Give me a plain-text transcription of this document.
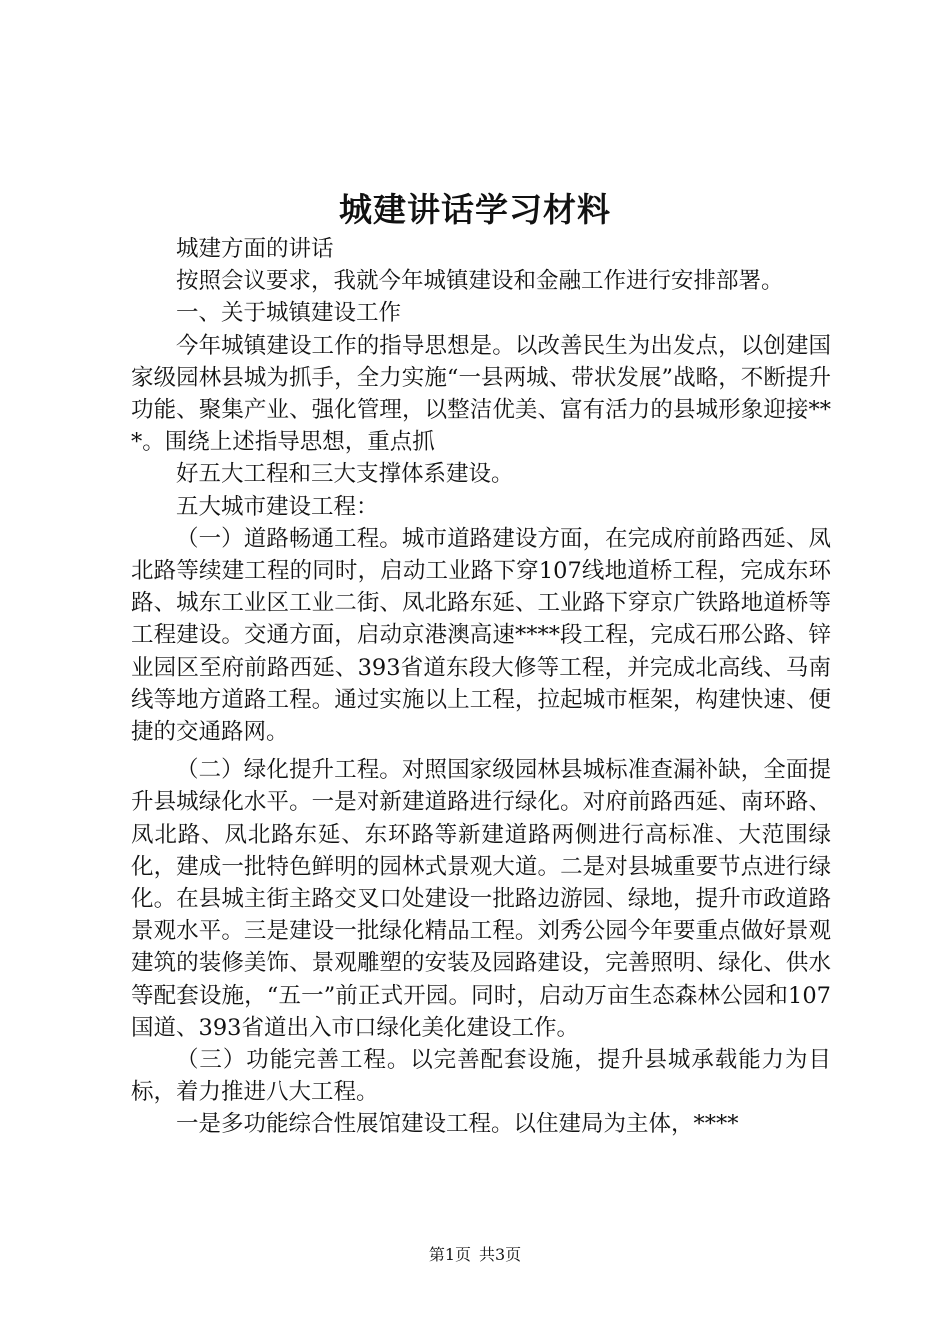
城建讲话学习材料

城建方面的讲话

按照会议要求，我就今年城镇建设和金融工作进行安排部署。

一、关于城镇建设工作

今年城镇建设工作的指导思想是。以改善民生为出发点，以创建国家级园林县城为抓手，全力实施“一县两城、带状发展”战略，不断提升功能、聚集产业、强化管理，以整洁优美、富有活力的县城形象迎接***。围绕上述指导思想，重点抓

好五大工程和三大支撑体系建设。

五大城市建设工程：

（一）道路畅通工程。城市道路建设方面，在完成府前路西延、凤北路等续建工程的同时，启动工业路下穿107线地道桥工程，完成东环路、城东工业区工业二街、凤北路东延、工业路下穿京广铁路地道桥等工程建设。交通方面，启动京港澳高速****段工程，完成石邢公路、锌业园区至府前路西延、393省道东段大修等工程，并完成北高线、马南线等地方道路工程。通过实施以上工程，拉起城市框架，构建快速、便捷的交通路网。

（二）绿化提升工程。对照国家级园林县城标准查漏补缺，全面提升县城绿化水平。一是对新建道路进行绿化。对府前路西延、南环路、凤北路、凤北路东延、东环路等新建道路两侧进行高标准、大范围绿化，建成一批特色鲜明的园林式景观大道。二是对县城重要节点进行绿化。在县城主街主路交叉口处建设一批路边游园、绿地，提升市政道路景观水平。三是建设一批绿化精品工程。刘秀公园今年要重点做好景观建筑的装修美饰、景观雕塑的安装及园路建设，完善照明、绿化、供水等配套设施，“五一”前正式开园。同时，启动万亩生态森林公园和107国道、393省道出入市口绿化美化建设工作。

（三）功能完善工程。以完善配套设施，提升县城承载能力为目标，着力推进八大工程。

一是多功能综合性展馆建设工程。以住建局为主体，****

第1页 共3页
